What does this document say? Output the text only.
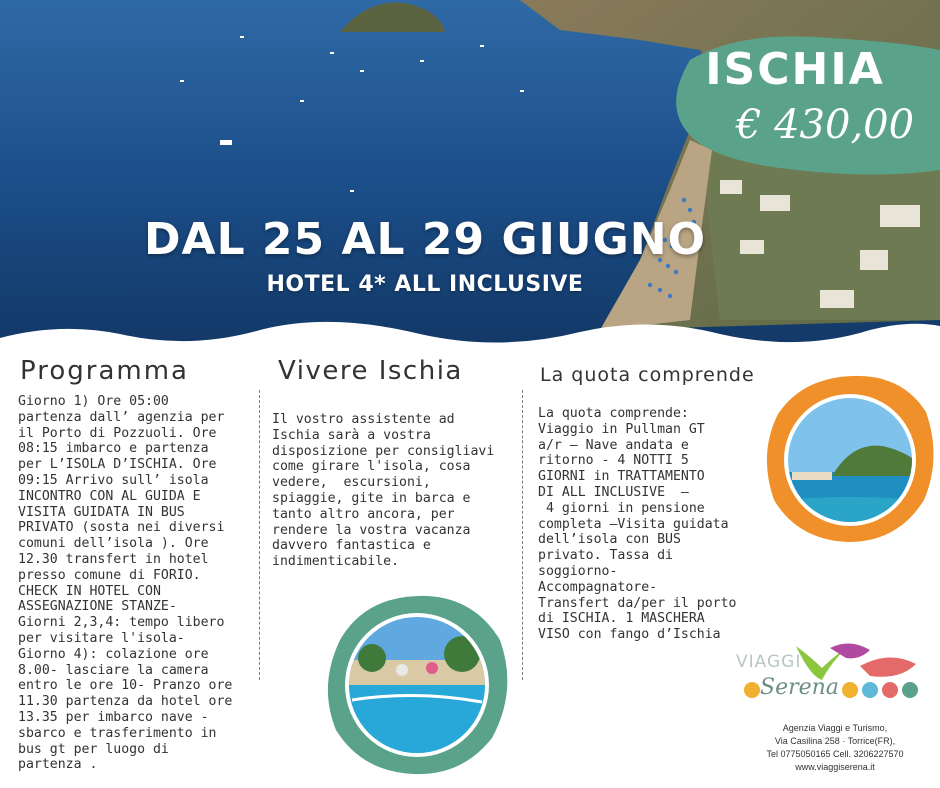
ISCHIA
€ 430,00
DAL 25 AL 29 GIUGNO
HOTEL 4* ALL INCLUSIVE
Programma
Giorno 1) Ore 05:00
partenza dall’ agenzia per
il Porto di Pozzuoli. Ore
08:15 imbarco e partenza
per L’ISOLA D’ISCHIA. Ore
09:15 Arrivo sull’ isola
INCONTRO CON AL GUIDA E
VISITA GUIDATA IN BUS
PRIVATO (sosta nei diversi
comuni dell’isola ). Ore
12.30 transfert in hotel
presso comune di FORIO.
CHECK IN HOTEL CON
ASSEGNAZIONE STANZE-
Giorni 2,3,4: tempo libero
per visitare l'isola-
Giorno 4): colazione ore
8.00- lasciare la camera
entro le ore 10- Pranzo ore
11.30 partenza da hotel ore
13.35 per imbarco nave -
sbarco e trasferimento in
bus gt per luogo di
partenza .
Vivere Ischia
Il vostro assistente ad
Ischia sarà a vostra
disposizione per consigliavi
come girare l'isola, cosa
vedere,  escursioni,
spiaggie, gite in barca e
tanto altro ancora, per
rendere la vostra vacanza
davvero fantastica e
indimenticabile.
La quota comprende
La quota comprende:
Viaggio in Pullman GT
a/r – Nave andata e
ritorno - 4 NOTTI 5
GIORNI in TRATTAMENTO
DI ALL INCLUSIVE  –
4 giorni in pensione
completa –Visita guidata
dell’isola con BUS
privato. Tassa di
soggiorno-
Accompagnatore-
Transfert da/per il porto
di ISCHIA. 1 MASCHERA
VISO con fango d’Ischia
VIAGGI
Serena
Agenzia Viaggi e Turismo,
Via Casilina 258 · Torrice(FR),
Tel 0775050165 Cell. 3206227570
www.viaggiserena.it
